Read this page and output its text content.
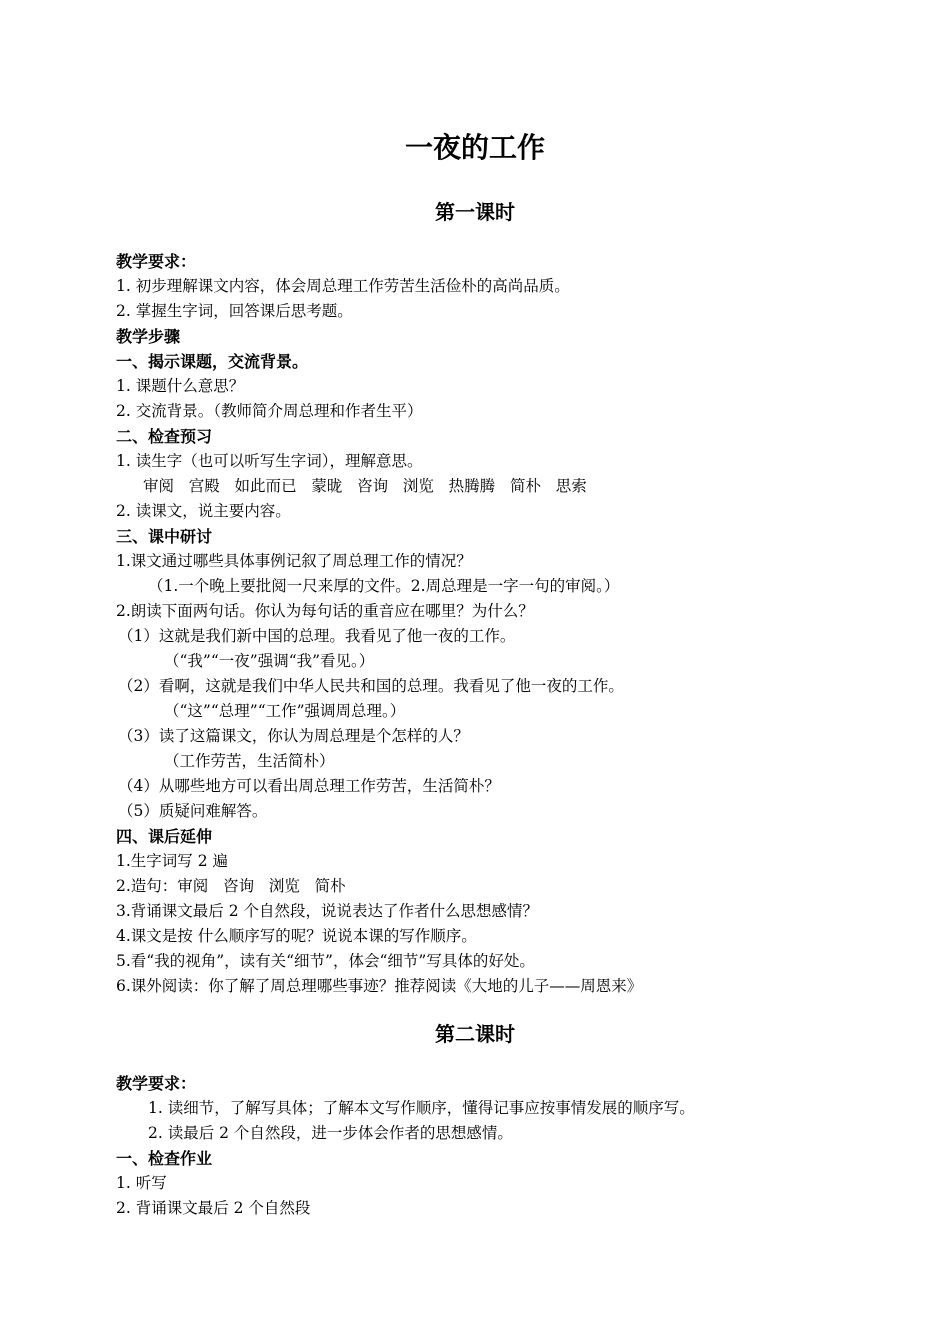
一夜的工作
第一课时
教学要求：
1. 初步理解课文内容，体会周总理工作劳苦生活俭朴的高尚品质。
2. 掌握生字词，回答课后思考题。
教学步骤
一、揭示课题，交流背景。
1. 课题什么意思？
2. 交流背景。（教师简介周总理和作者生平）
二、检查预习
1. 读生字（也可以听写生字词），理解意思。
审阅   宫殿   如此而已   蒙昽   咨询   浏览   热腾腾   简朴   思索
2. 读课文，说主要内容。
三、课中研讨
1.课文通过哪些具体事例记叙了周总理工作的情况？
（1.一个晚上要批阅一尺来厚的文件。2.周总理是一字一句的审阅。）
2.朗读下面两句话。你认为每句话的重音应在哪里？为什么？
（1）这就是我们新中国的总理。我看见了他一夜的工作。
（“我”“一夜”强调“我”看见。）
（2）看啊，这就是我们中华人民共和国的总理。我看见了他一夜的工作。
（“这”“总理”“工作”强调周总理。）
（3）读了这篇课文，你认为周总理是个怎样的人？
（工作劳苦，生活简朴）
（4）从哪些地方可以看出周总理工作劳苦，生活简朴？
（5）质疑问难解答。
四、课后延伸
1.生字词写 2 遍
2.造句：审阅   咨询   浏览   简朴
3.背诵课文最后 2 个自然段，说说表达了作者什么思想感情？
4.课文是按 什么顺序写的呢？说说本课的写作顺序。
5.看“我的视角”，读有关“细节”，体会“细节”写具体的好处。
6.课外阅读：你了解了周总理哪些事迹？推荐阅读《大地的儿子——周恩来》
第二课时
教学要求：
1. 读细节，了解写具体；了解本文写作顺序，懂得记事应按事情发展的顺序写。
2. 读最后 2 个自然段，进一步体会作者的思想感情。
一、检查作业
1. 听写
2. 背诵课文最后 2 个自然段
